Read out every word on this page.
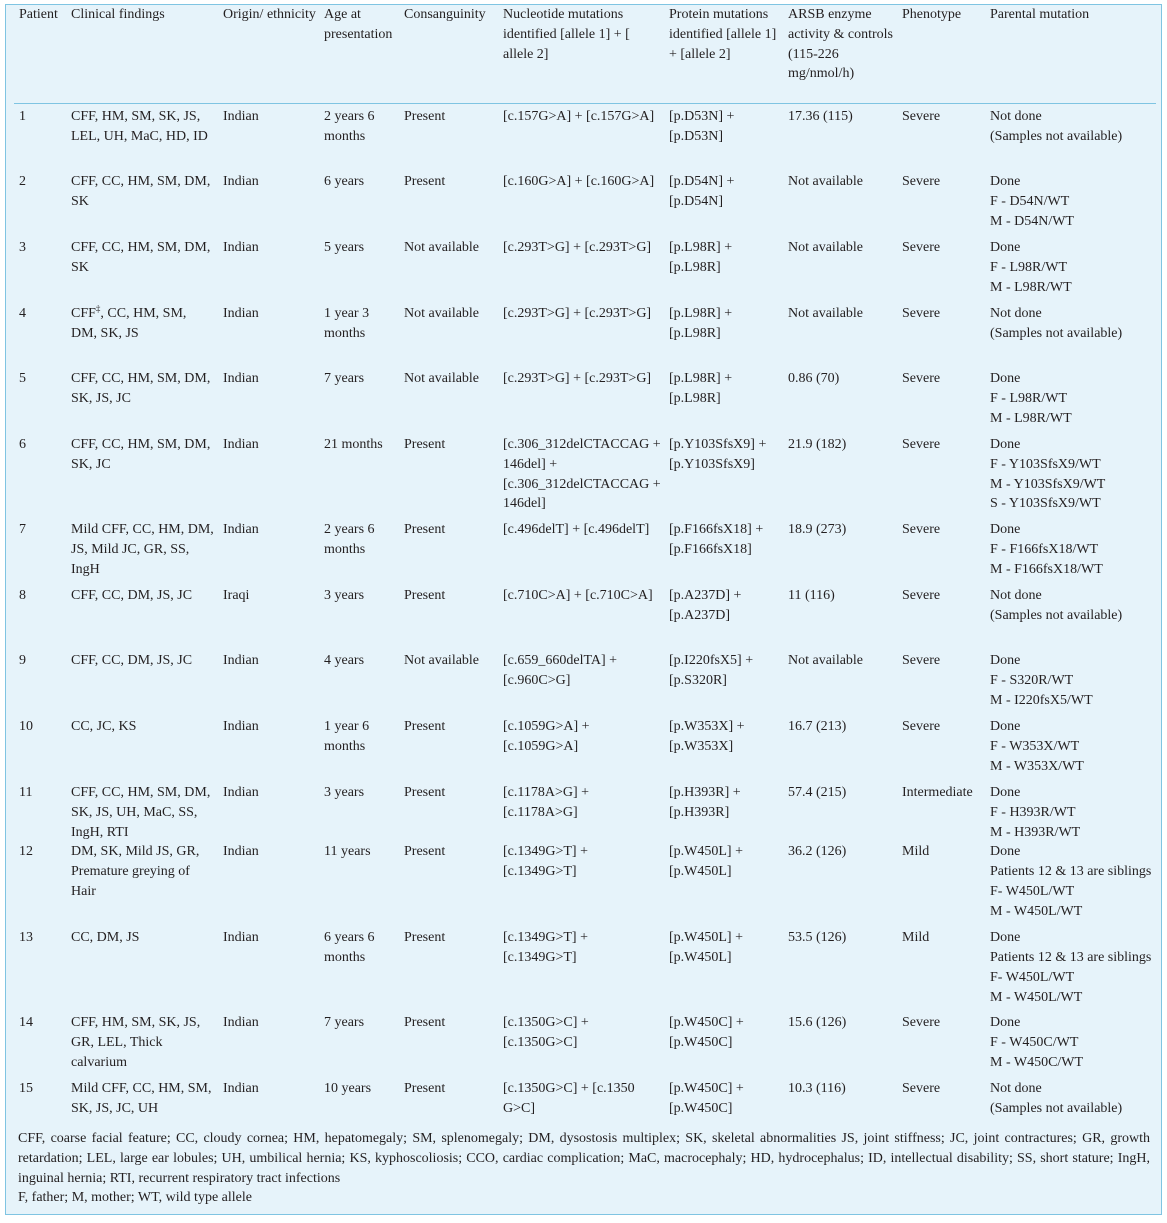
Patient	Clinical findings	Origin/ ethnicity	Age at presentation	Consanguinity	Nucleotide mutations identified [allele 1] + [ allele 2]	Protein mutations identified [allele 1] + [allele 2]	ARSB enzyme activity & controls (115-226 mg/nmol/h)	Phenotype	Parental mutation

1	CFF, HM, SM, SK, JS, LEL, UH, MaC, HD, ID	Indian	2 years 6 months	Present	[c.157G>A] + [c.157G>A]	[p.D53N] + [p.D53N]	17.36 (115)	Severe	Not done
(Samples not available)

2	CFF, CC, HM, SM, DM, SK	Indian	6 years	Present	[c.160G>A] + [c.160G>A]	[p.D54N] + [p.D54N]	Not available	Severe	Done
F - D54N/WT
M - D54N/WT

3	CFF, CC, HM, SM, DM, SK	Indian	5 years	Not available	[c.293T>G] + [c.293T>G]	[p.L98R] + [p.L98R]	Not available	Severe	Done
F - L98R/WT
M - L98R/WT

4	CFF‡, CC, HM, SM, DM, SK, JS	Indian	1 year 3 months	Not available	[c.293T>G] + [c.293T>G]	[p.L98R] + [p.L98R]	Not available	Severe	Not done
(Samples not available)

5	CFF, CC, HM, SM, DM, SK, JS, JC	Indian	7 years	Not available	[c.293T>G] + [c.293T>G]	[p.L98R] + [p.L98R]	0.86 (70)	Severe	Done
F - L98R/WT
M - L98R/WT

6	CFF, CC, HM, SM, DM, SK, JC	Indian	21 months	Present	[c.306_312delCTACCAG + 146del] + [c.306_312delCTACCAG + 146del]	[p.Y103SfsX9] + [p.Y103SfsX9]	21.9 (182)	Severe	Done
F - Y103SfsX9/WT
M - Y103SfsX9/WT
S - Y103SfsX9/WT

7	Mild CFF, CC, HM, DM, JS, Mild JC, GR, SS, IngH	Indian	2 years 6 months	Present	[c.496delT] + [c.496delT]	[p.F166fsX18] + [p.F166fsX18]	18.9 (273)	Severe	Done
F - F166fsX18/WT
M - F166fsX18/WT

8	CFF, CC, DM, JS, JC	Iraqi	3 years	Present	[c.710C>A] + [c.710C>A]	[p.A237D] + [p.A237D]	11 (116)	Severe	Not done
(Samples not available)

9	CFF, CC, DM, JS, JC	Indian	4 years	Not available	[c.659_660delTA] + [c.960C>G]	[p.I220fsX5] + [p.S320R]	Not available	Severe	Done
F - S320R/WT
M - I220fsX5/WT

10	CC, JC, KS	Indian	1 year 6 months	Present	[c.1059G>A] + [c.1059G>A]	[p.W353X] + [p.W353X]	16.7 (213)	Severe	Done
F - W353X/WT
M - W353X/WT

11	CFF, CC, HM, SM, DM, SK, JS, UH, MaC, SS, IngH, RTI	Indian	3 years	Present	[c.1178A>G] + [c.1178A>G]	[p.H393R] + [p.H393R]	57.4 (215)	Intermediate	Done
F - H393R/WT
M - H393R/WT

12	DM, SK, Mild JS, GR, Premature greying of Hair	Indian	11 years	Present	[c.1349G>T] + [c.1349G>T]	[p.W450L] + [p.W450L]	36.2 (126)	Mild	Done
Patients 12 & 13 are siblings
F- W450L/WT
M - W450L/WT

13	CC, DM, JS	Indian	6 years 6 months	Present	[c.1349G>T] + [c.1349G>T]	[p.W450L] + [p.W450L]	53.5 (126)	Mild	Done
Patients 12 & 13 are siblings
F- W450L/WT
M - W450L/WT

14	CFF, HM, SM, SK, JS, GR, LEL, Thick calvarium	Indian	7 years	Present	[c.1350G>C] + [c.1350G>C]	[p.W450C] + [p.W450C]	15.6 (126)	Severe	Done
F - W450C/WT
M - W450C/WT

15	Mild CFF, CC, HM, SM, SK, JS, JC, UH	Indian	10 years	Present	[c.1350G>C] + [c.1350 G>C]	[p.W450C] + [p.W450C]	10.3 (116)	Severe	Not done
(Samples not available)

CFF, coarse facial feature; CC, cloudy cornea; HM, hepatomegaly; SM, splenomegaly; DM, dysostosis multiplex; SK, skeletal abnormalities JS, joint stiffness; JC, joint contractures; GR, growth retardation; LEL, large ear lobules; UH, umbilical hernia; KS, kyphoscoliosis; CCO, cardiac complication; MaC, macrocephaly; HD, hydrocephalus; ID, intellectual disability; SS, short stature; IngH, inguinal hernia; RTI, recurrent respiratory tract infections

F, father; M, mother; WT, wild type allele
